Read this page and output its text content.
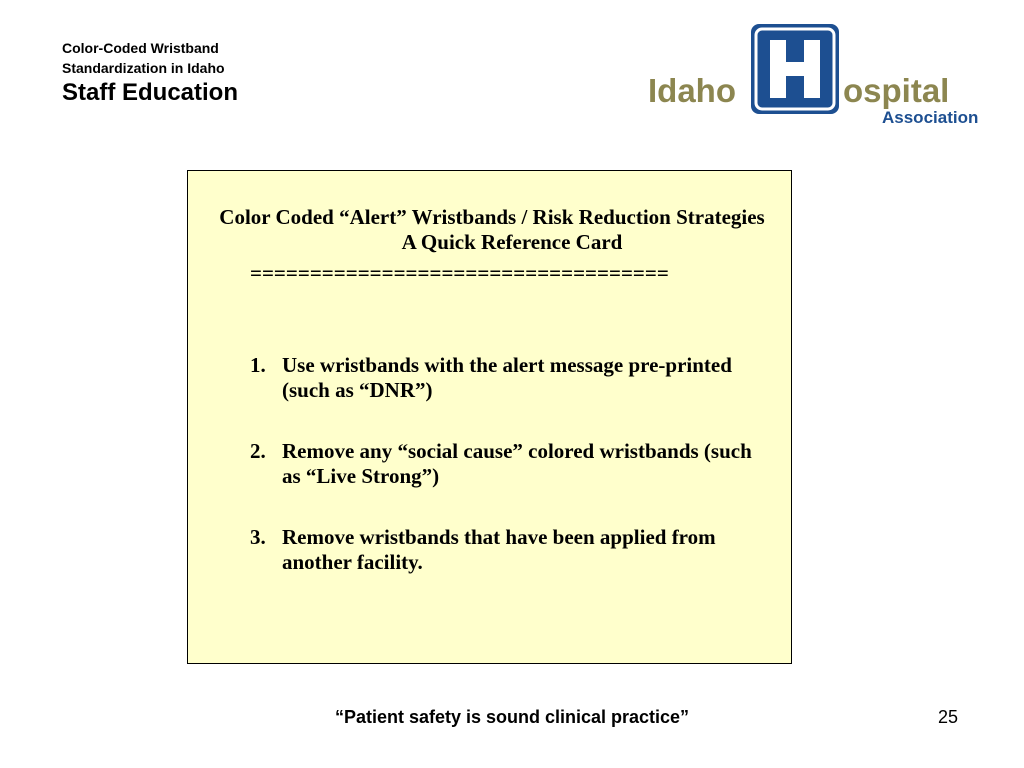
Color-Coded Wristband
Standardization in Idaho
Staff Education	Idaho	ospital
Association
Color Coded “Alert” Wristbands / Risk Reduction Strategies A Quick Reference Card
===================================
1. Use wristbands with the alert message pre-printed (such as “DNR”)
2. Remove any “social cause” colored wristbands (such as “Live Strong”)
3. Remove wristbands that have been applied from another facility.
“Patient safety is sound clinical practice”	25
